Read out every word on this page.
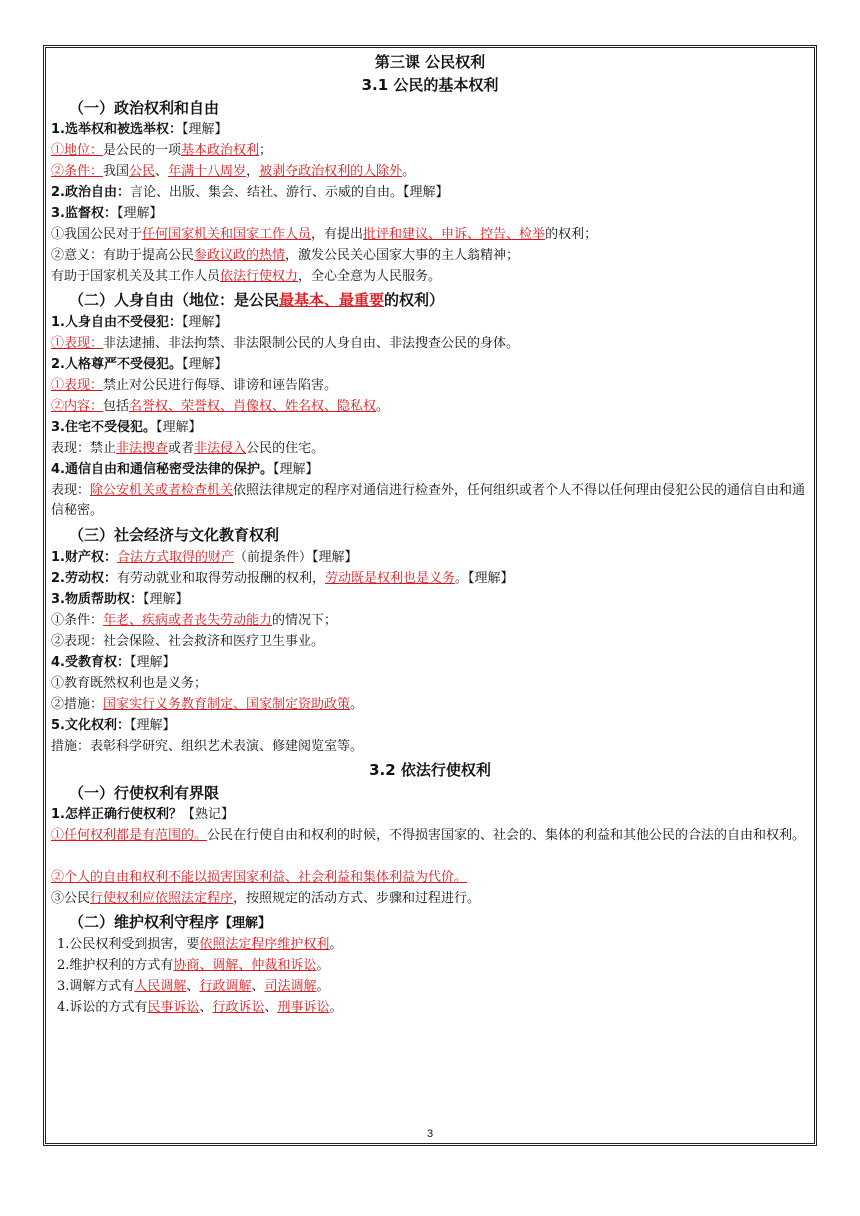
第三课 公民权利
3.1 公民的基本权利
（一）政治权利和自由
1.选举权和被选举权：【理解】
①地位：是公民的一项基本政治权利；
②条件：我国公民、年满十八周岁，被剥夺政治权利的人除外。
2.政治自由：言论、出版、集会、结社、游行、示威的自由。【理解】
3.监督权：【理解】
①我国公民对于任何国家机关和国家工作人员，有提出批评和建议、申诉、控告、检举的权利；
②意义：有助于提高公民参政议政的热情，激发公民关心国家大事的主人翁精神；
有助于国家机关及其工作人员依法行使权力，全心全意为人民服务。
（二）人身自由（地位：是公民最基本、最重要的权利）
1.人身自由不受侵犯：【理解】
①表现：非法逮捕、非法拘禁、非法限制公民的人身自由、非法搜查公民的身体。
2.人格尊严不受侵犯。【理解】
①表现：禁止对公民进行侮辱、诽谤和诬告陷害。
②内容：包括名誉权、荣誉权、肖像权、姓名权、隐私权。
3.住宅不受侵犯。【理解】
表现：禁止非法搜查或者非法侵入公民的住宅。
4.通信自由和通信秘密受法律的保护。【理解】
表现：除公安机关或者检查机关依照法律规定的程序对通信进行检查外，任何组织或者个人不得以任何理由侵犯公民的通信自由和通信秘密。
（三）社会经济与文化教育权利
1.财产权：合法方式取得的财产（前提条件）【理解】
2.劳动权：有劳动就业和取得劳动报酬的权利，劳动既是权利也是义务。【理解】
3.物质帮助权：【理解】
①条件：年老、疾病或者丧失劳动能力的情况下；
②表现：社会保险、社会救济和医疗卫生事业。
4.受教育权：【理解】
①教育既然权利也是义务；
②措施：国家实行义务教育制定、国家制定资助政策。
5.文化权利：【理解】
措施：表彰科学研究、组织艺术表演、修建阅览室等。
3.2 依法行使权利
（一）行使权利有界限
1.怎样正确行使权利？【熟记】
①任何权利都是有范围的。公民在行使自由和权利的时候，不得损害国家的、社会的、集体的利益和其他公民的合法的自由和权利。
②个人的自由和权利不能以损害国家利益、社会利益和集体利益为代价。
③公民行使权利应依照法定程序，按照规定的活动方式、步骤和过程进行。
（二）维护权利守程序【理解】
1.公民权利受到损害，要依照法定程序维护权利。
2.维护权利的方式有协商、调解、仲裁和诉讼。
3.调解方式有人民调解、行政调解、司法调解。
4.诉讼的方式有民事诉讼、行政诉讼、刑事诉讼。
3
